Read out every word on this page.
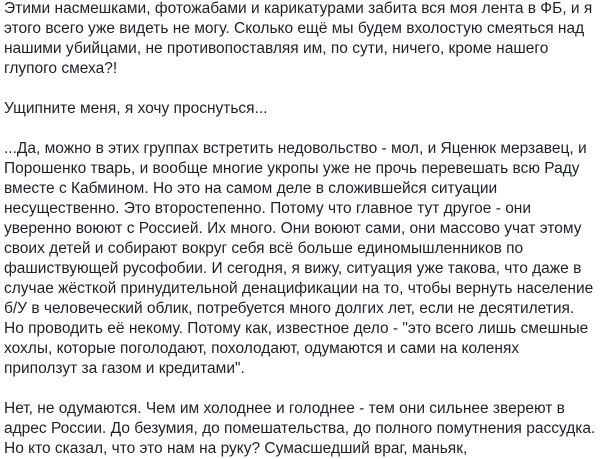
Этими насмешками, фотожабами и карикатурами забита вся моя лента в ФБ, и я этого всего уже видеть не могу. Сколько ещё мы будем вхолостую смеяться над нашими убийцами, не противопоставляя им, по сути, ничего, кроме нашего глупого смеха?!

Ущипните меня, я хочу проснуться...

...Да, можно в этих группах встретить недовольство - мол, и Яценюк мерзавец, и Порошенко тварь, и вообще многие укропы уже не прочь перевешать всю Раду вместе с Кабмином. Но это на самом деле в сложившейся ситуации несущественно. Это второстепенно. Потому что главное тут другое - они уверенно воюют с Россией. Их много. Они воюют сами, они массово учат этому своих детей и собирают вокруг себя всё больше единомышленников по фашиствующей русофобии. И сегодня, я вижу, ситуация уже такова, что даже в случае жёсткой принудительной денацификации на то, чтобы вернуть население б/У в человеческий облик, потребуется много долгих лет, если не десятилетия. Но проводить её некому. Потому как, известное дело - "это всего лишь смешные хохлы, которые поголодают, похолодают, одумаются и сами на коленях приползут за газом и кредитами".

Нет, не одумаются. Чем им холоднее и голоднее - тем они сильнее звереют в адрес России. До безумия, до помешательства, до полного помутнения рассудка. Но кто сказал, что это нам на руку? Сумасшедший враг, маньяк,
